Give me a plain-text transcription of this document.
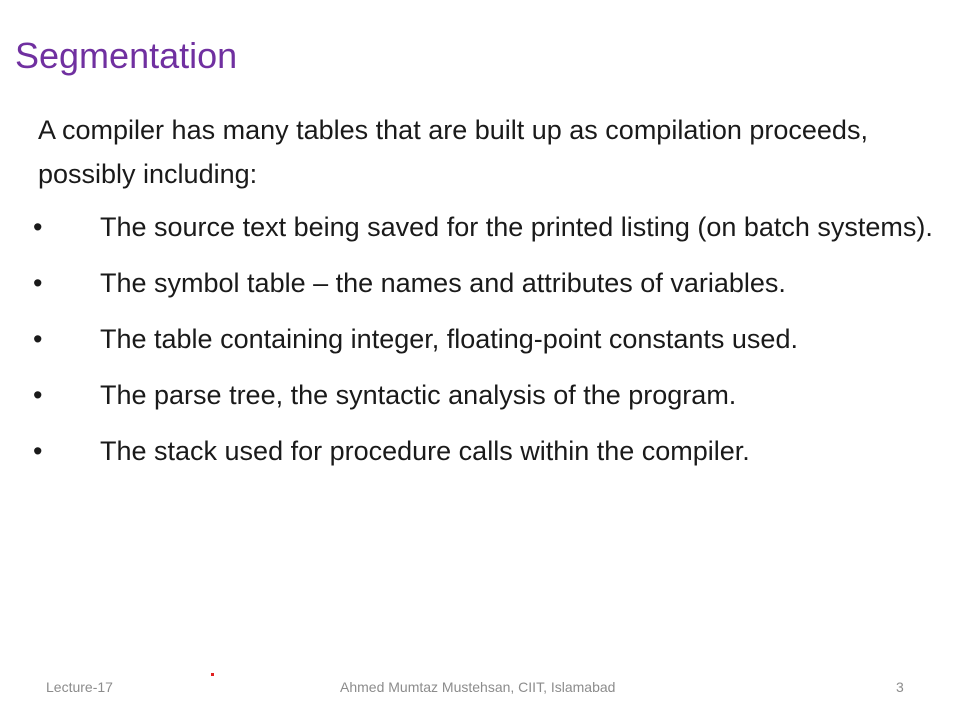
Segmentation
A compiler has many tables that are built up as compilation proceeds, possibly including:
• The source text being saved for the printed listing (on batch systems).
• The symbol table – the names and attributes of variables.
• The table containing integer, floating-point constants used.
• The parse tree, the syntactic analysis of the program.
• The stack used for procedure calls within the compiler.
Lecture-17	Ahmed Mumtaz Mustehsan, CIIT, Islamabad	3
